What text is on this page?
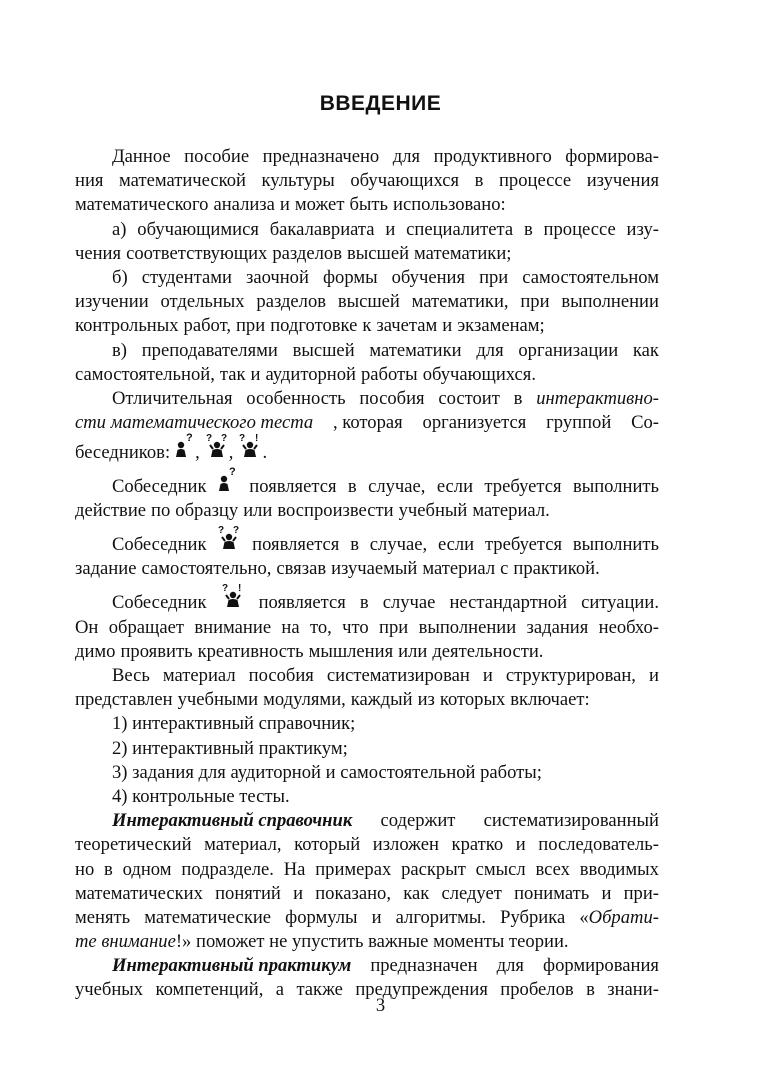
ВВЕДЕНИЕ
Данное пособие предназначено для продуктивного формирова-
ния математической культуры обучающихся в процессе изучения
математического анализа и может быть использовано:
а) обучающимися бакалавриата и специалитета в процессе изу-
чения соответствующих разделов высшей математики;
б) студентами заочной формы обучения при самостоятельном
изучении отдельных разделов высшей математики, при выполнении
контрольных работ, при подготовке к зачетам и экзаменам;
в) преподавателями высшей математики для организации как
самостоятельной, так и аудиторной работы обучающихся.
Отличительная особенность пособия состоит в интерактивно-
сти математического теста , которая организуется группой Со-
беседников:
?
,
? ?
,
? !
.
Собеседник
?
появляется в случае, если требуется выполнить
действие по образцу или воспроизвести учебный материал.
Собеседник
? ?
появляется в случае, если требуется выполнить
задание самостоятельно, связав изучаемый материал с практикой.
Собеседник
? !
появляется в случае нестандартной ситуации.
Он обращает внимание на то, что при выполнении задания необхо-
димо проявить креативность мышления или деятельности.
Весь материал пособия систематизирован и структурирован, и
представлен учебными модулями, каждый из которых включает:
1) интерактивный справочник;
2) интерактивный практикум;
3) задания для аудиторной и самостоятельной работы;
4) контрольные тесты.
Интерактивный справочник содержит систематизированный
теоретический материал, который изложен кратко и последователь-
но в одном подразделе. На примерах раскрыт смысл всех вводимых
математических понятий и показано, как следует понимать и при-
менять математические формулы и алгоритмы. Рубрика «Обрати-
те внимание !» поможет не упустить важные моменты теории.
Интерактивный практикум предназначен для формирования
учебных компетенций, а также предупреждения пробелов в знани-
3
